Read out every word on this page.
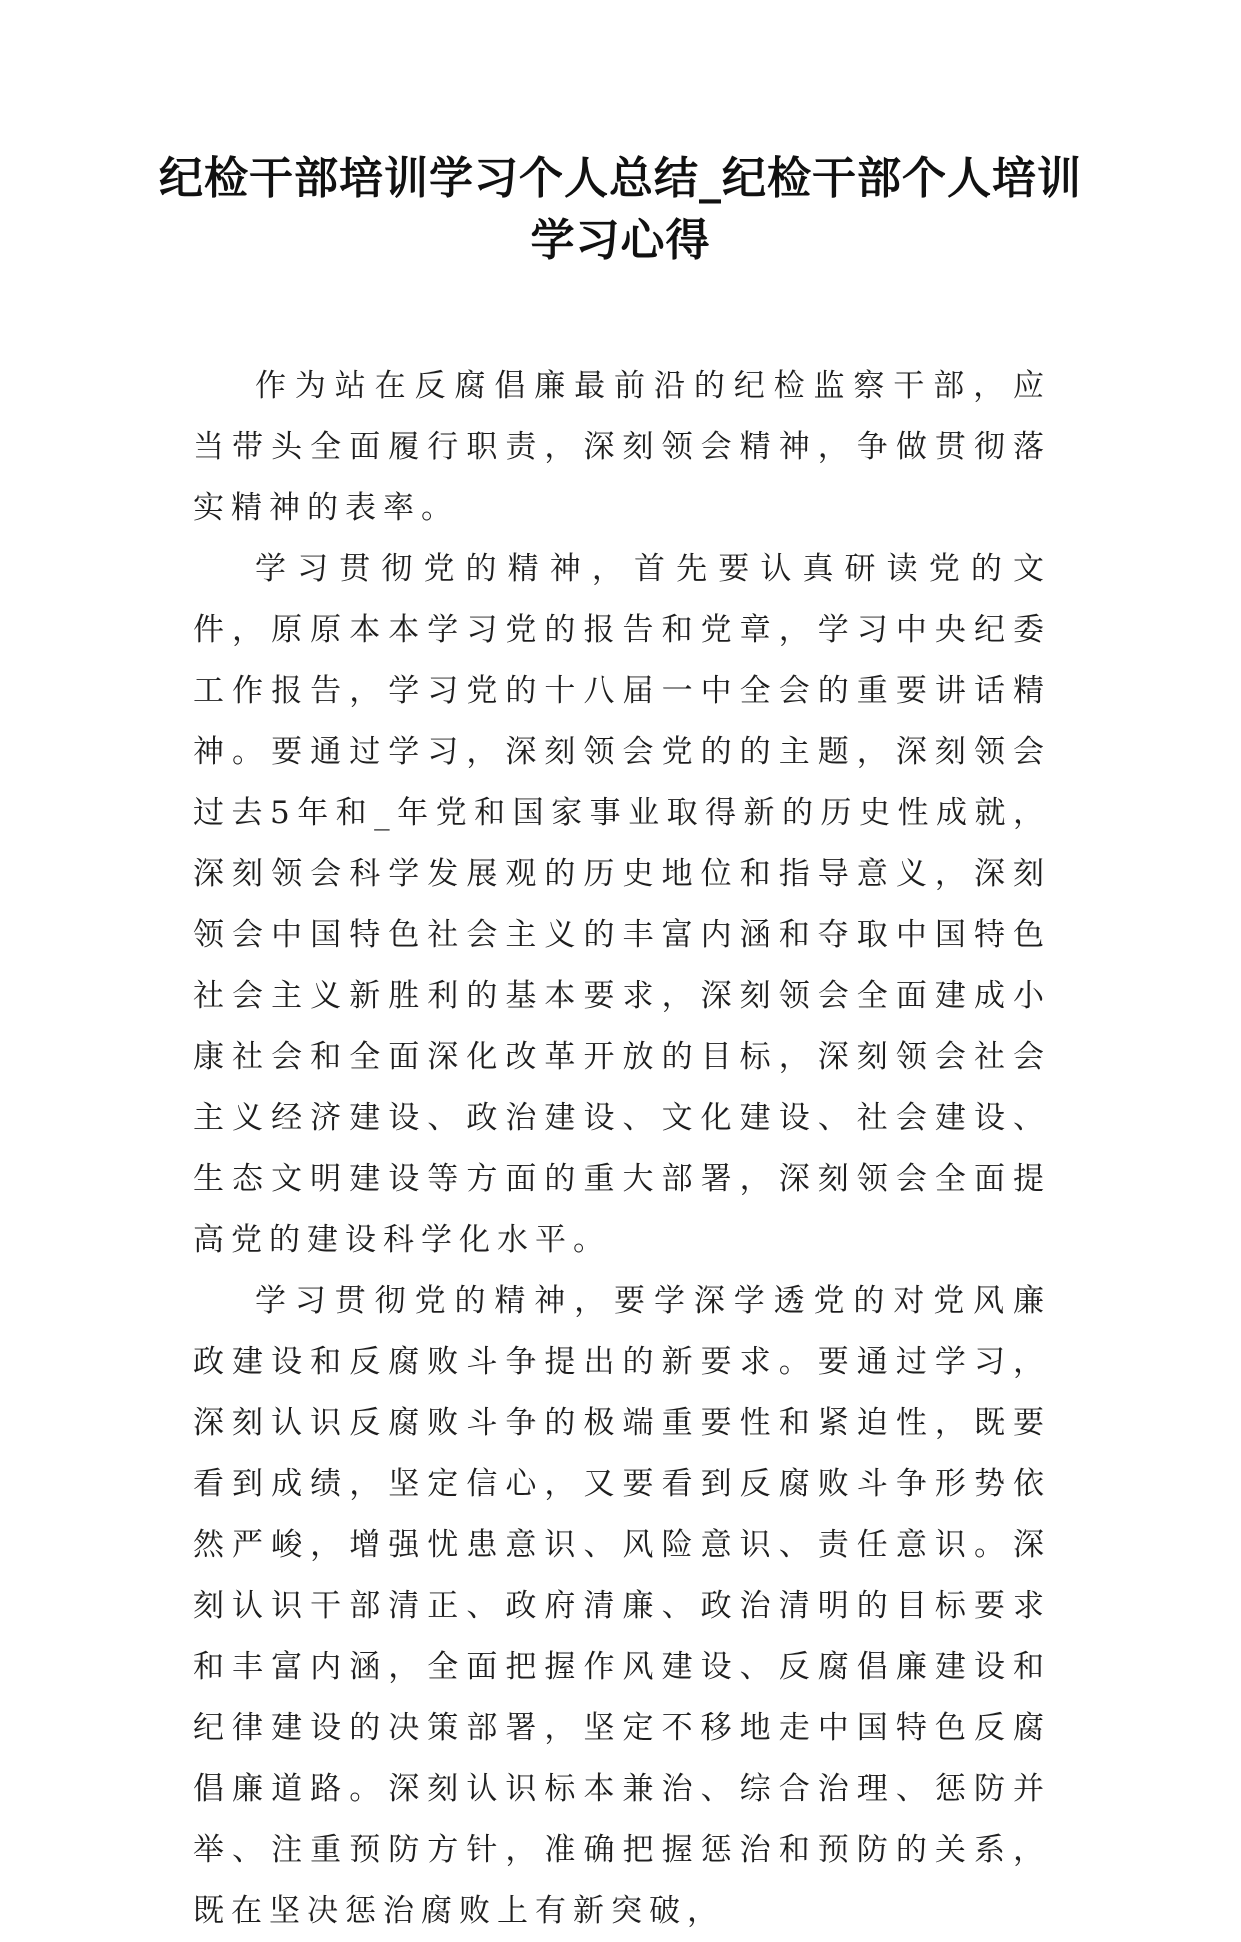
纪检干部培训学习个人总结_纪检干部个人培训学习心得

作为站在反腐倡廉最前沿的纪检监察干部，应当带头全面履行职责，深刻领会精神，争做贯彻落实精神的表率。

学习贯彻党的精神，首先要认真研读党的文件，原原本本学习党的报告和党章，学习中央纪委工作报告，学习党的十八届一中全会的重要讲话精神。要通过学习，深刻领会党的的主题，深刻领会过去5年和_年党和国家事业取得新的历史性成就，深刻领会科学发展观的历史地位和指导意义，深刻领会中国特色社会主义的丰富内涵和夺取中国特色社会主义新胜利的基本要求，深刻领会全面建成小康社会和全面深化改革开放的目标，深刻领会社会主义经济建设、政治建设、文化建设、社会建设、生态文明建设等方面的重大部署，深刻领会全面提高党的建设科学化水平。

学习贯彻党的精神，要学深学透党的对党风廉政建设和反腐败斗争提出的新要求。要通过学习，深刻认识反腐败斗争的极端重要性和紧迫性，既要看到成绩，坚定信心，又要看到反腐败斗争形势依然严峻，增强忧患意识、风险意识、责任意识。深刻认识干部清正、政府清廉、政治清明的目标要求和丰富内涵，全面把握作风建设、反腐倡廉建设和纪律建设的决策部署，坚定不移地走中国特色反腐倡廉道路。深刻认识标本兼治、综合治理、惩防并举、注重预防方针，准确把握惩治和预防的关系，既在坚决惩治腐败上有新突破，
